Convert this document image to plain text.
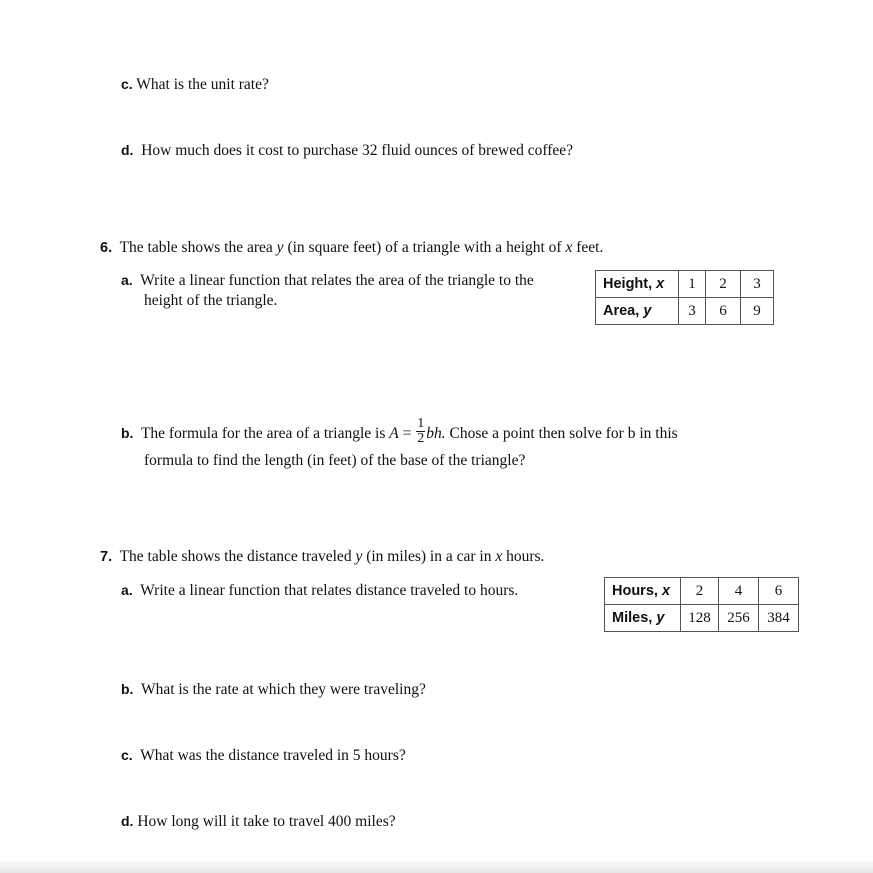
c. What is the unit rate?
d. How much does it cost to purchase 32 fluid ounces of brewed coffee?
6. The table shows the area y (in square feet) of a triangle with a height of x feet.
a. Write a linear function that relates the area of the triangle to the
height of the triangle.
Height, x	1	2	3
Area, y	3	6	9
b. The formula for the area of a triangle is $A = \frac{1}{2}$ bh. Chose a point then solve for b in this
formula to find the length (in feet) of the base of the triangle?
7. The table shows the distance traveled y (in miles) in a car in x hours.
a. Write a linear function that relates distance traveled to hours.	Hours, x	2	4	6
Miles, y	128	256	384
b. What is the rate at which they were traveling?
c. What was the distance traveled in 5 hours?
d. How long will it take to travel 400 miles?
